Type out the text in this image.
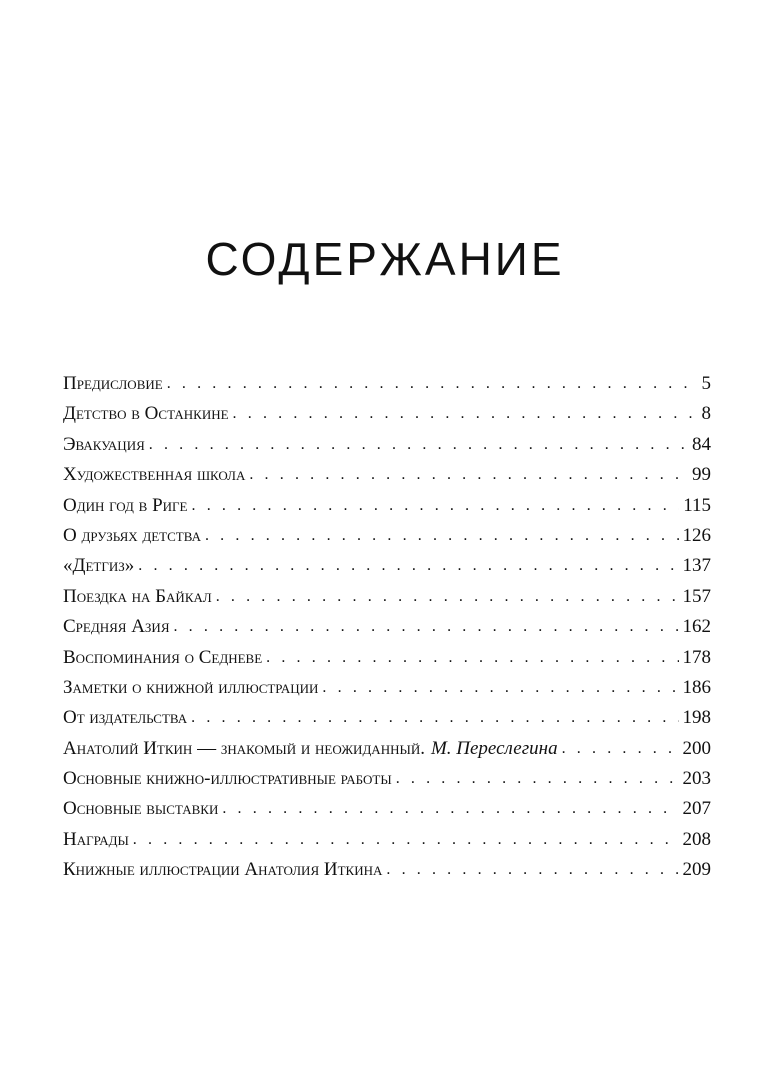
СОДЕРЖАНИЕ
Предисловие . . .	5
Детство в Останкине . . .	8
Эвакуация . . .	84
Художественная школа . . .	99
Один год в Риге . . .	115
О друзьях детства . . .	126
«Детгиз» . . .	137
Поездка на Байкал . . .	157
Средняя Азия . . .	162
Воспоминания о Седневе . . .	178
Заметки о книжной иллюстрации . . .	186
От издательства . . .	198
Анатолий Иткин — знакомый и неожиданный. М. Переслегина . . .	200
Основные книжно-иллюстративные работы . . .	203
Основные выставки . . .	207
Награды . . .	208
Книжные иллюстрации Анатолия Иткина . . .	209
